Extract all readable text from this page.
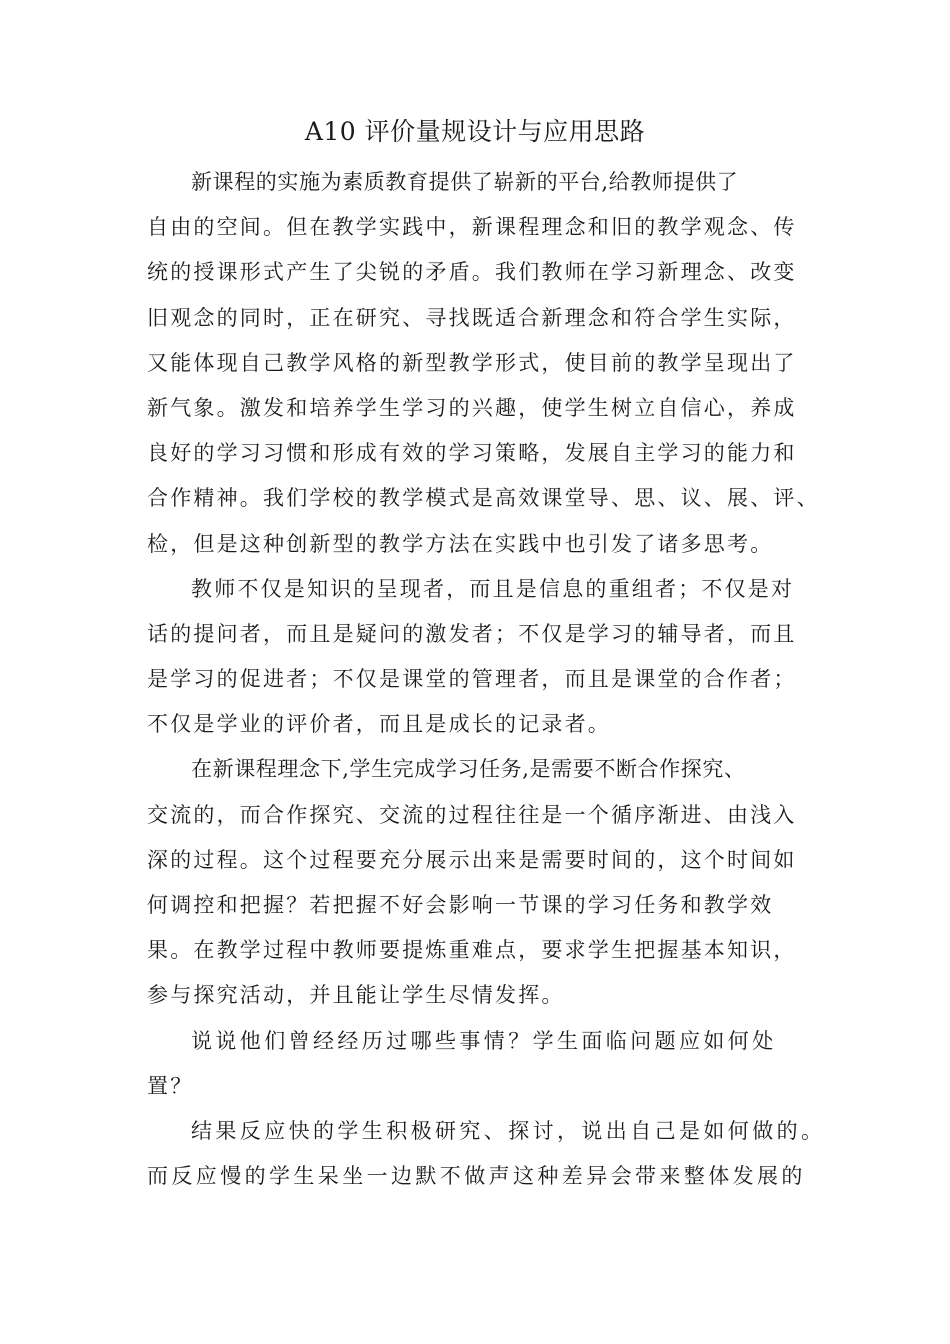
A10 评价量规设计与应用思路
新课程的实施为素质教育提供了崭新的平台,给教师提供了
自由的空间。但在教学实践中，新课程理念和旧的教学观念、传
统的授课形式产生了尖锐的矛盾。我们教师在学习新理念、改变
旧观念的同时，正在研究、寻找既适合新理念和符合学生实际，
又能体现自己教学风格的新型教学形式，使目前的教学呈现出了
新气象。激发和培养学生学习的兴趣，使学生树立自信心，养成
良好的学习习惯和形成有效的学习策略，发展自主学习的能力和
合作精神。我们学校的教学模式是高效课堂导、思、议、展、评、
检，但是这种创新型的教学方法在实践中也引发了诸多思考。
教师不仅是知识的呈现者，而且是信息的重组者；不仅是对
话的提问者，而且是疑问的激发者；不仅是学习的辅导者，而且
是学习的促进者；不仅是课堂的管理者，而且是课堂的合作者；
不仅是学业的评价者，而且是成长的记录者。
在新课程理念下,学生完成学习任务,是需要不断合作探究、
交流的，而合作探究、交流的过程往往是一个循序渐进、由浅入
深的过程。这个过程要充分展示出来是需要时间的，这个时间如
何调控和把握？若把握不好会影响一节课的学习任务和教学效
果。在教学过程中教师要提炼重难点，要求学生把握基本知识，
参与探究活动，并且能让学生尽情发挥。
说说他们曾经经历过哪些事情？学生面临问题应如何处
置？
结果反应快的学生积极研究、探讨，说出自己是如何做的。
而反应慢的学生呆坐一边默不做声这种差异会带来整体发展的
